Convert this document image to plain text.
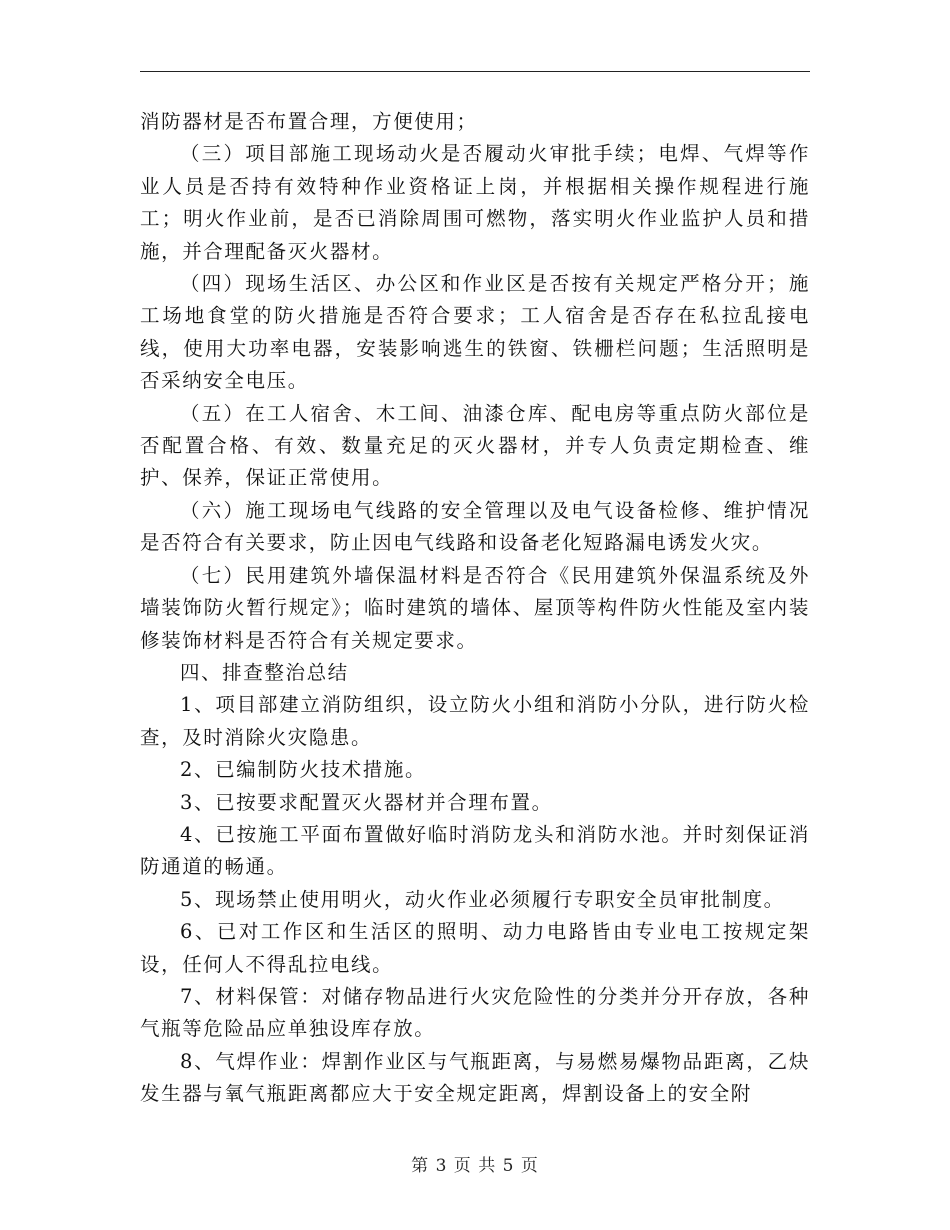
消防器材是否布置合理，方便使用；

（三）项目部施工现场动火是否履动火审批手续；电焊、气焊等作业人员是否持有效特种作业资格证上岗，并根据相关操作规程进行施工；明火作业前，是否已消除周围可燃物，落实明火作业监护人员和措施，并合理配备灭火器材。

（四）现场生活区、办公区和作业区是否按有关规定严格分开；施工场地食堂的防火措施是否符合要求；工人宿舍是否存在私拉乱接电线，使用大功率电器，安装影响逃生的铁窗、铁栅栏问题；生活照明是否采纳安全电压。

（五）在工人宿舍、木工间、油漆仓库、配电房等重点防火部位是否配置合格、有效、数量充足的灭火器材，并专人负责定期检查、维护、保养，保证正常使用。

（六）施工现场电气线路的安全管理以及电气设备检修、维护情况是否符合有关要求，防止因电气线路和设备老化短路漏电诱发火灾。

（七）民用建筑外墙保温材料是否符合《民用建筑外保温系统及外墙装饰防火暂行规定》；临时建筑的墙体、屋顶等构件防火性能及室内装修装饰材料是否符合有关规定要求。

四、排查整治总结

1、项目部建立消防组织，设立防火小组和消防小分队，进行防火检查，及时消除火灾隐患。

2、已编制防火技术措施。

3、已按要求配置灭火器材并合理布置。

4、已按施工平面布置做好临时消防龙头和消防水池。并时刻保证消防通道的畅通。

5、现场禁止使用明火，动火作业必须履行专职安全员审批制度。

6、已对工作区和生活区的照明、动力电路皆由专业电工按规定架设，任何人不得乱拉电线。

7、材料保管：对储存物品进行火灾危险性的分类并分开存放，各种气瓶等危险品应单独设库存放。

8、气焊作业：焊割作业区与气瓶距离，与易燃易爆物品距离，乙炔发生器与氧气瓶距离都应大于安全规定距离，焊割设备上的安全附

第 3 页 共 5 页
